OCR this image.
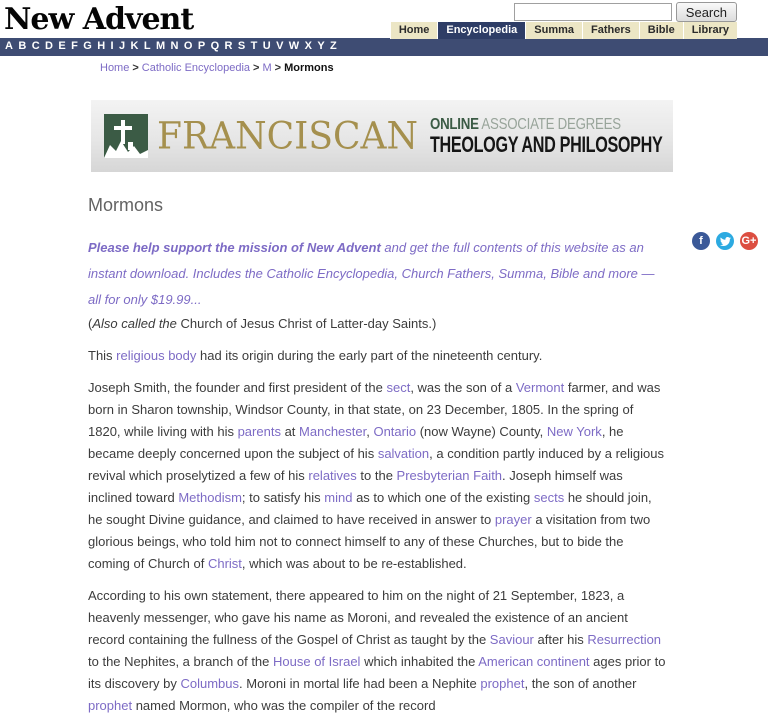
New Advent	Search
Home	Encyclopedia	Summa	Fathers	Bible	Library
A B C D E F G H I J K L M N O P Q R S T U V W X Y Z
Home > Catholic Encyclopedia > M > Mormons
FRANCISCAN ONLINE ASSOCIATE DEGREES
THEOLOGY AND PHILOSOPHY
Mormons

Please help support the mission of New Advent and get the full contents of this website as an instant download. Includes the Catholic Encyclopedia, Church Fathers, Summa, Bible and more — all for only $19.99...

(Also called the Church of Jesus Christ of Latter-day Saints.)

This religious body had its origin during the early part of the nineteenth century.

Joseph Smith, the founder and first president of the sect, was the son of a Vermont farmer, and was born in Sharon township, Windsor County, in that state, on 23 December, 1805. In the spring of 1820, while living with his parents at Manchester, Ontario (now Wayne) County, New York, he became deeply concerned upon the subject of his salvation, a condition partly induced by a religious revival which proselytized a few of his relatives to the Presbyterian Faith. Joseph himself was inclined toward Methodism; to satisfy his mind as to which one of the existing sects he should join, he sought Divine guidance, and claimed to have received in answer to prayer a visitation from two glorious beings, who told him not to connect himself to any of these Churches, but to bide the coming of Church of Christ, which was about to be re-established.

According to his own statement, there appeared to him on the night of 21 September, 1823, a heavenly messenger, who gave his name as Moroni, and revealed the existence of an ancient record containing the fullness of the Gospel of Christ as taught by the Saviour after his Resurrection to the Nephites, a branch of the House of Israel which inhabited the American continent ages prior to its discovery by Columbus. Moroni in mortal life had been a Nephite prophet, the son of another prophet named Mormon, who was the compiler of the record

f	G+
